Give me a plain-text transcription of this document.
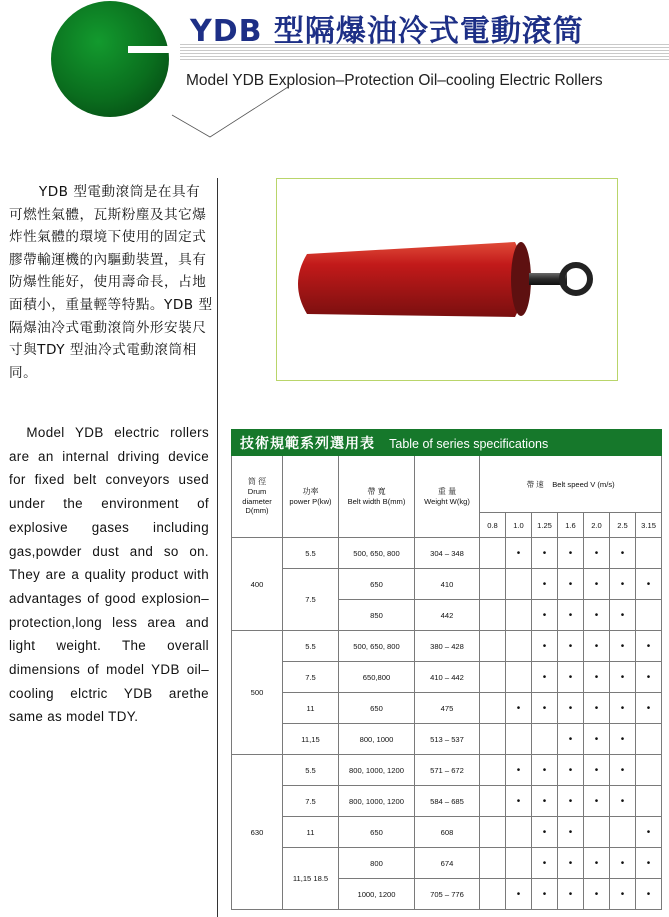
YDB 型隔爆油冷式電動滾筒
Model YDB Explosion–Protection Oil–cooling Electric Rollers

YDB 型電動滾筒是在具有可燃性氣體，瓦斯粉塵及其它爆炸性氣體的環境下使用的固定式膠帶輸運機的內驅動裝置，具有防爆性能好，使用壽命長，占地面積小，重量輕等特點。YDB 型隔爆油冷式電動滾筒外形安裝尺寸與TDY 型油冷式電動滾筒相同。

Model YDB electric rollers are an internal driving device for fixed belt conveyors used under the environment of explosive gases including gas,powder dust and so on. They are a quality product with advantages of good explosion–protection,long less area and light weight. The overall dimensions of model YDB oil–cooling elctric YDB arethe same as model TDY.

技術規範系列選用表 Table of series specifications										

筒 徑
Drum diameter D(mm)	功率
power P(kw)	帶 寬
Belt width B(mm)	重 量
Weight W(kg)	帶 速 Belt speed V (m/s)						
				0.8	1.0	1.25	1.6	2.0	2.5	3.15
400	5.5	500, 650, 800	304 – 348		•	•	•	•	•	
	7.5	650	410			•	•	•	•	•
		850	442			•	•	•	•	
500	5.5	500, 650, 800	380 – 428			•	•	•	•	•
	7.5	650,800	410 – 442			•	•	•	•	•
	11	650	475		•	•	•	•	•	•
	11,15	800, 1000	513 – 537				•	•	•	
630	5.5	800, 1000, 1200	571 – 672		•	•	•	•	•	
	7.5	800, 1000, 1200	584 – 685		•	•	•	•	•	
	11	650	608			•	•			•
	11,15 18.5	800	674			•	•	•	•	•
		1000, 1200	705 – 776		•	•	•	•	•	•
